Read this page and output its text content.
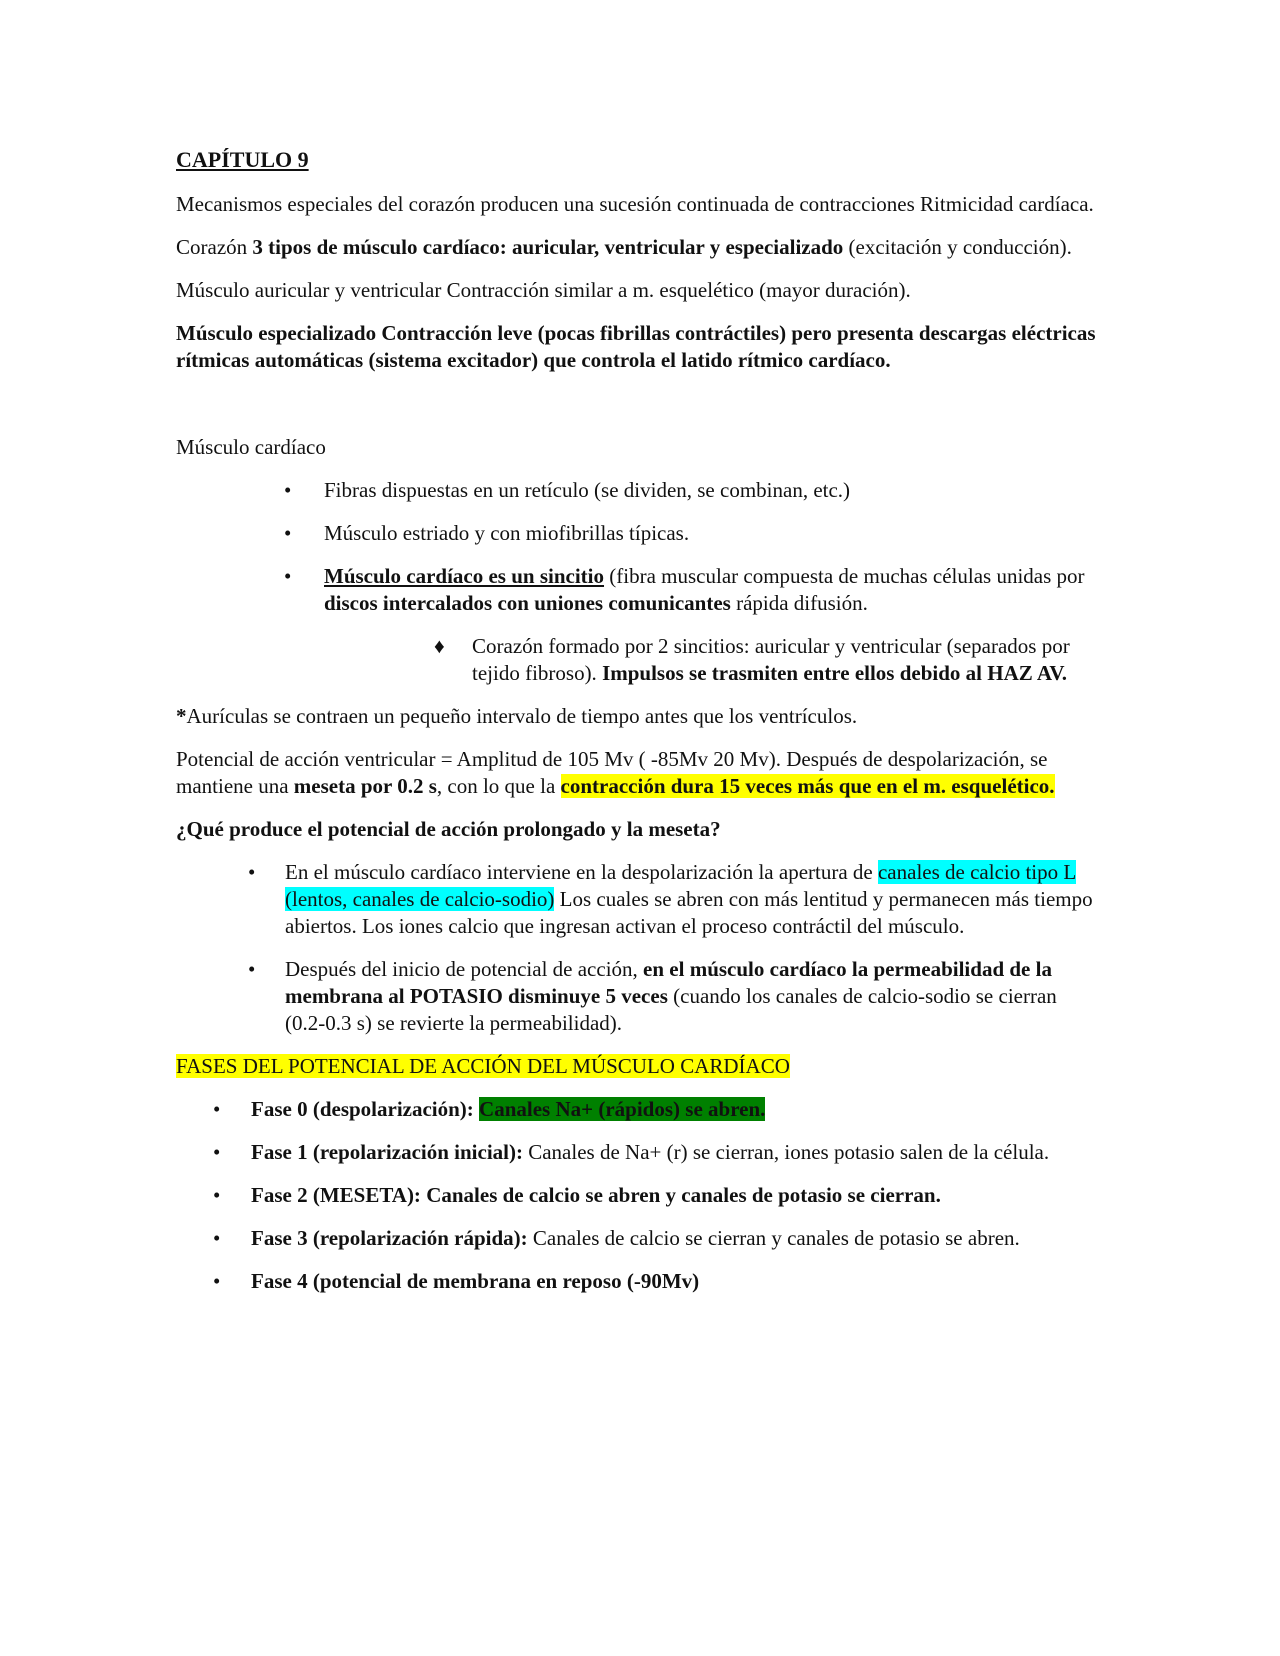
CAPÍTULO 9

Mecanismos especiales del corazón producen una sucesión continuada de contracciones Ritmicidad cardíaca.

Corazón 3 tipos de músculo cardíaco: auricular, ventricular y especializado (excitación y conducción).

Músculo auricular y ventricular Contracción similar a m. esquelético (mayor duración).

Músculo especializado Contracción leve (pocas fibrillas contráctiles) pero presenta descargas eléctricas rítmicas automáticas (sistema excitador) que controla el latido rítmico cardíaco.

Músculo cardíaco

• Fibras dispuestas en un retículo (se dividen, se combinan, etc.)
• Músculo estriado y con miofibrillas típicas.
• Músculo cardíaco es un sincitio (fibra muscular compuesta de muchas células unidas por discos intercalados con uniones comunicantes rápida difusión.
♦ Corazón formado por 2 sincitios: auricular y ventricular (separados por tejido fibroso). Impulsos se trasmiten entre ellos debido al HAZ AV.

*Aurículas se contraen un pequeño intervalo de tiempo antes que los ventrículos.

Potencial de acción ventricular = Amplitud de 105 Mv ( -85Mv 20 Mv). Después de despolarización, se mantiene una meseta por 0.2 s, con lo que la contracción dura 15 veces más que en el m. esquelético.

¿Qué produce el potencial de acción prolongado y la meseta?

• En el músculo cardíaco interviene en la despolarización la apertura de canales de calcio tipo L (lentos, canales de calcio-sodio) Los cuales se abren con más lentitud y permanecen más tiempo abiertos. Los iones calcio que ingresan activan el proceso contráctil del músculo.
• Después del inicio de potencial de acción, en el músculo cardíaco la permeabilidad de la membrana al POTASIO disminuye 5 veces (cuando los canales de calcio-sodio se cierran (0.2-0.3 s) se revierte la permeabilidad).

FASES DEL POTENCIAL DE ACCIÓN DEL MÚSCULO CARDÍACO

• Fase 0 (despolarización): Canales Na+ (rápidos) se abren.
• Fase 1 (repolarización inicial): Canales de Na+ (r) se cierran, iones potasio salen de la célula.
• Fase 2 (MESETA): Canales de calcio se abren y canales de potasio se cierran.
• Fase 3 (repolarización rápida): Canales de calcio se cierran y canales de potasio se abren.
• Fase 4 (potencial de membrana en reposo (-90Mv)
